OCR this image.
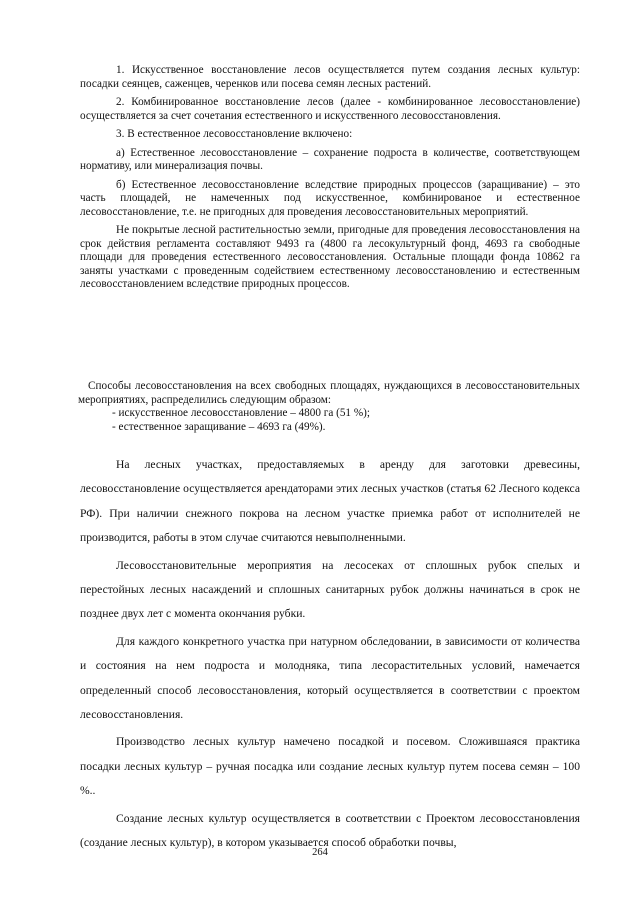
1. Искусственное восстановление лесов осуществляется путем создания лесных культур: посадки сеянцев, саженцев, черенков или посева семян лесных растений.

2. Комбинированное восстановление лесов (далее - комбинированное лесовосстановление) осуществляется за счет сочетания естественного и искусственного лесовосстановления.

3. В естественное лесовосстановление включено:

а) Естественное лесовосстановление – сохранение подроста в количестве, соответствующем нормативу, или минерализация почвы.

б) Естественное лесовосстановление вследствие природных процессов (заращивание) – это часть площадей, не намеченных под искусственное, комбинированое и естественное лесовосстановление, т.е. не пригодных для проведения лесовосстановительных мероприятий.

Не покрытые лесной растительностью земли, пригодные для проведения лесовосстановления на срок действия регламента составляют 9493 га (4800 га лесокультурный фонд, 4693 га свободные площади для проведения естественного лесовосстановления. Остальные площади фонда 10862 га заняты участками с проведенным содействием естественному лесовосстановлению и естественным лесовосстановлением вследствие природных процессов.

Способы лесовосстановления на всех свободных площадях, нуждающихся в лесовосстановительных мероприятиях, распределились следующим образом:

- искусственное лесовосстановление – 4800 га (51 %);
- естественное заращивание – 4693 га (49%).

На лесных участках, предоставляемых в аренду для заготовки древесины, лесовосстановление осуществляется арендаторами этих лесных участков (статья 62 Лесного кодекса РФ). При наличии снежного покрова на лесном участке приемка работ от исполнителей не производится, работы в этом случае считаются невыполненными.

Лесовосстановительные мероприятия на лесосеках от сплошных рубок спелых и перестойных лесных насаждений и сплошных санитарных рубок должны начинаться в срок не позднее двух лет с момента окончания рубки.

Для каждого конкретного участка при натурном обследовании, в зависимости от количества и состояния на нем подроста и молодняка, типа лесорастительных условий, намечается определенный способ лесовосстановления, который осуществляется в соответствии с проектом лесовосстановления.

Производство лесных культур намечено посадкой и посевом. Сложившаяся практика посадки лесных культур – ручная посадка или создание лесных культур путем посева семян – 100 %..

Создание лесных культур осуществляется в соответствии с Проектом лесовосстановления (создание лесных культур), в котором указывается способ обработки почвы,

264
